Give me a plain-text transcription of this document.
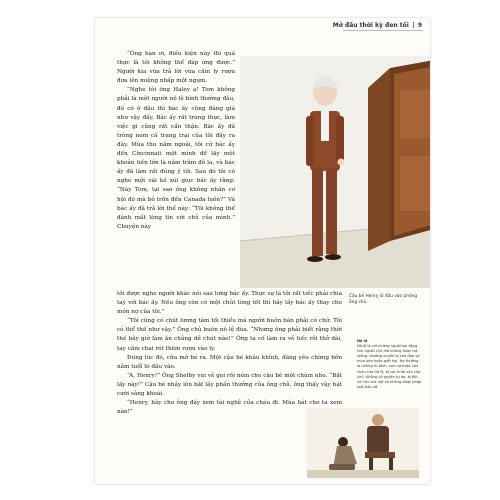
Mở đầu thời kỳ đen tối 9

“Ông bạn ơi, điều kiện này thì quá thực là tôi không thể đáp ứng được.” Người kia vừa trả lời vừa cầm ly rượu đưa lên miệng nhấp một ngụm.

“Nghe tôi ông Haley ạ! Tom không phải là một người nô lệ bình thường đâu, đó có ở đâu thì bác ấy cũng đáng giá như vậy đấy. Bác ấy rất trung thực, làm việc gì cũng rất cẩn thận. Bác ấy đã trông nom cả trang trại của tôi đấy ra đây. Mùa thu năm ngoái, tôi cử bác ấy đến Cincinnati một mình để lấy một khoản tiền lớn là năm trăm đô la, và bác ấy đã làm rất đúng ý tôi. Sau đó tôi có nghe một vài kẻ xúi giục bác ấy rằng: “Này Tom, tại sao ông không nhân cơ hội đó mà bỏ trốn đến Canada luôn?” Và bác ấy đã trả lời thế này: “Tôi không thể đánh mất lòng tin với chủ của mình.” Chuyện này

tôi được nghe người khác nói sau lưng bác ấy. Thực sự là tôi rất tiếc phải chia tay với bác ấy. Nếu ông còn có một chút lòng tốt thì hãy lấy bác ấy thay cho món nợ của tôi.”

“Tôi cũng có chút lương tâm tối thiểu mà người buôn bán phải có chứ. Tôi có thể thế như vậy.” Ông chủ buôn nô lệ đùa. “Nhưng ông phải biết rằng thời thế bây giờ làm ăn chẳng dễ chút nào!” Ông ta cố làm ra vẻ tiếc rồi thở dài, tay cầm chai rót thêm rượu vào ly.

Đúng lúc đó, cửa mở hé ra. Một cậu bé khâu khỉnh, đáng yêu chừng bốn năm tuổi ló đầu vào.

“A, Henry!” Ông Shelby vui vẻ gọi rồi ném cho cậu bé một chùm nho. “Bắt lấy này!” Cậu bé nhảy lên bắt lấy phần thưởng của ông chủ, ông thấy vậy bật cười sảng khoái.

“Henry, hãy cho ông đây xem tài nghệ của cháu đi. Múa hát cho ta xem nào!”

Cậu bé Henry ló đầu vào phòng ông chủ.
Nô lệ
Nô lệ là chỉ những người lao động cho người chủ mà không được trả lương, thường xuyên bị chà đạp và mua bán hoặc giết hại. Họ thường là những tù binh, con nợ hoặc con cháu của nô lệ, bị coi là tài sản của chủ. Không có quyền tự do, bị đối xử như súc vật và không được pháp luật bảo vệ.
